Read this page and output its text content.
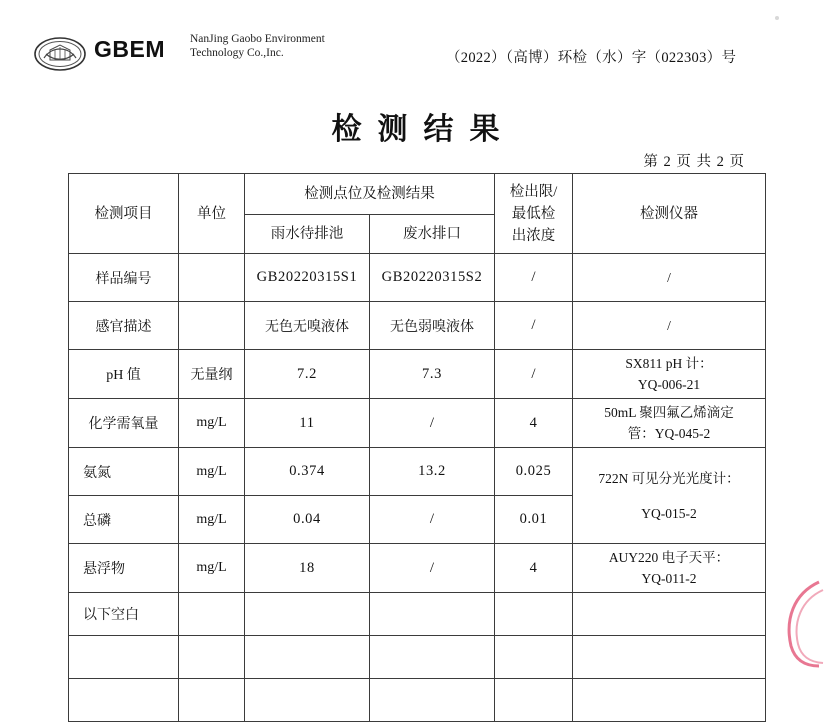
GBEM NanJing Gaobo Environment Technology Co.,Inc.	（2022）（高博）环检（水）字（022303）号
检测结果
第 2 页 共 2 页
检测项目	单位	检测点位及检测结果		检出限/
最低检
出浓度	检测仪器
		雨水待排池	废水排口		
样品编号		GB20220315S1	GB20220315S2	/	/

感官描述		无色无嗅液体	无色弱嗅液体	/	/

pH 值	无量纲	7.2	7.3	/	SX811 pH 计：
YQ-006-21

化学需氧量	mg/L	11	/	4	50mL 聚四氟乙烯滴定
管：YQ-045-2

氨氮	mg/L	0.374	13.2	0.025	722N 可见分光光度计：
YQ-015-2

总磷	mg/L	0.04	/	0.01	
悬浮物	mg/L	18	/	4	AUY220 电子天平：
YQ-011-2

以下空白					
